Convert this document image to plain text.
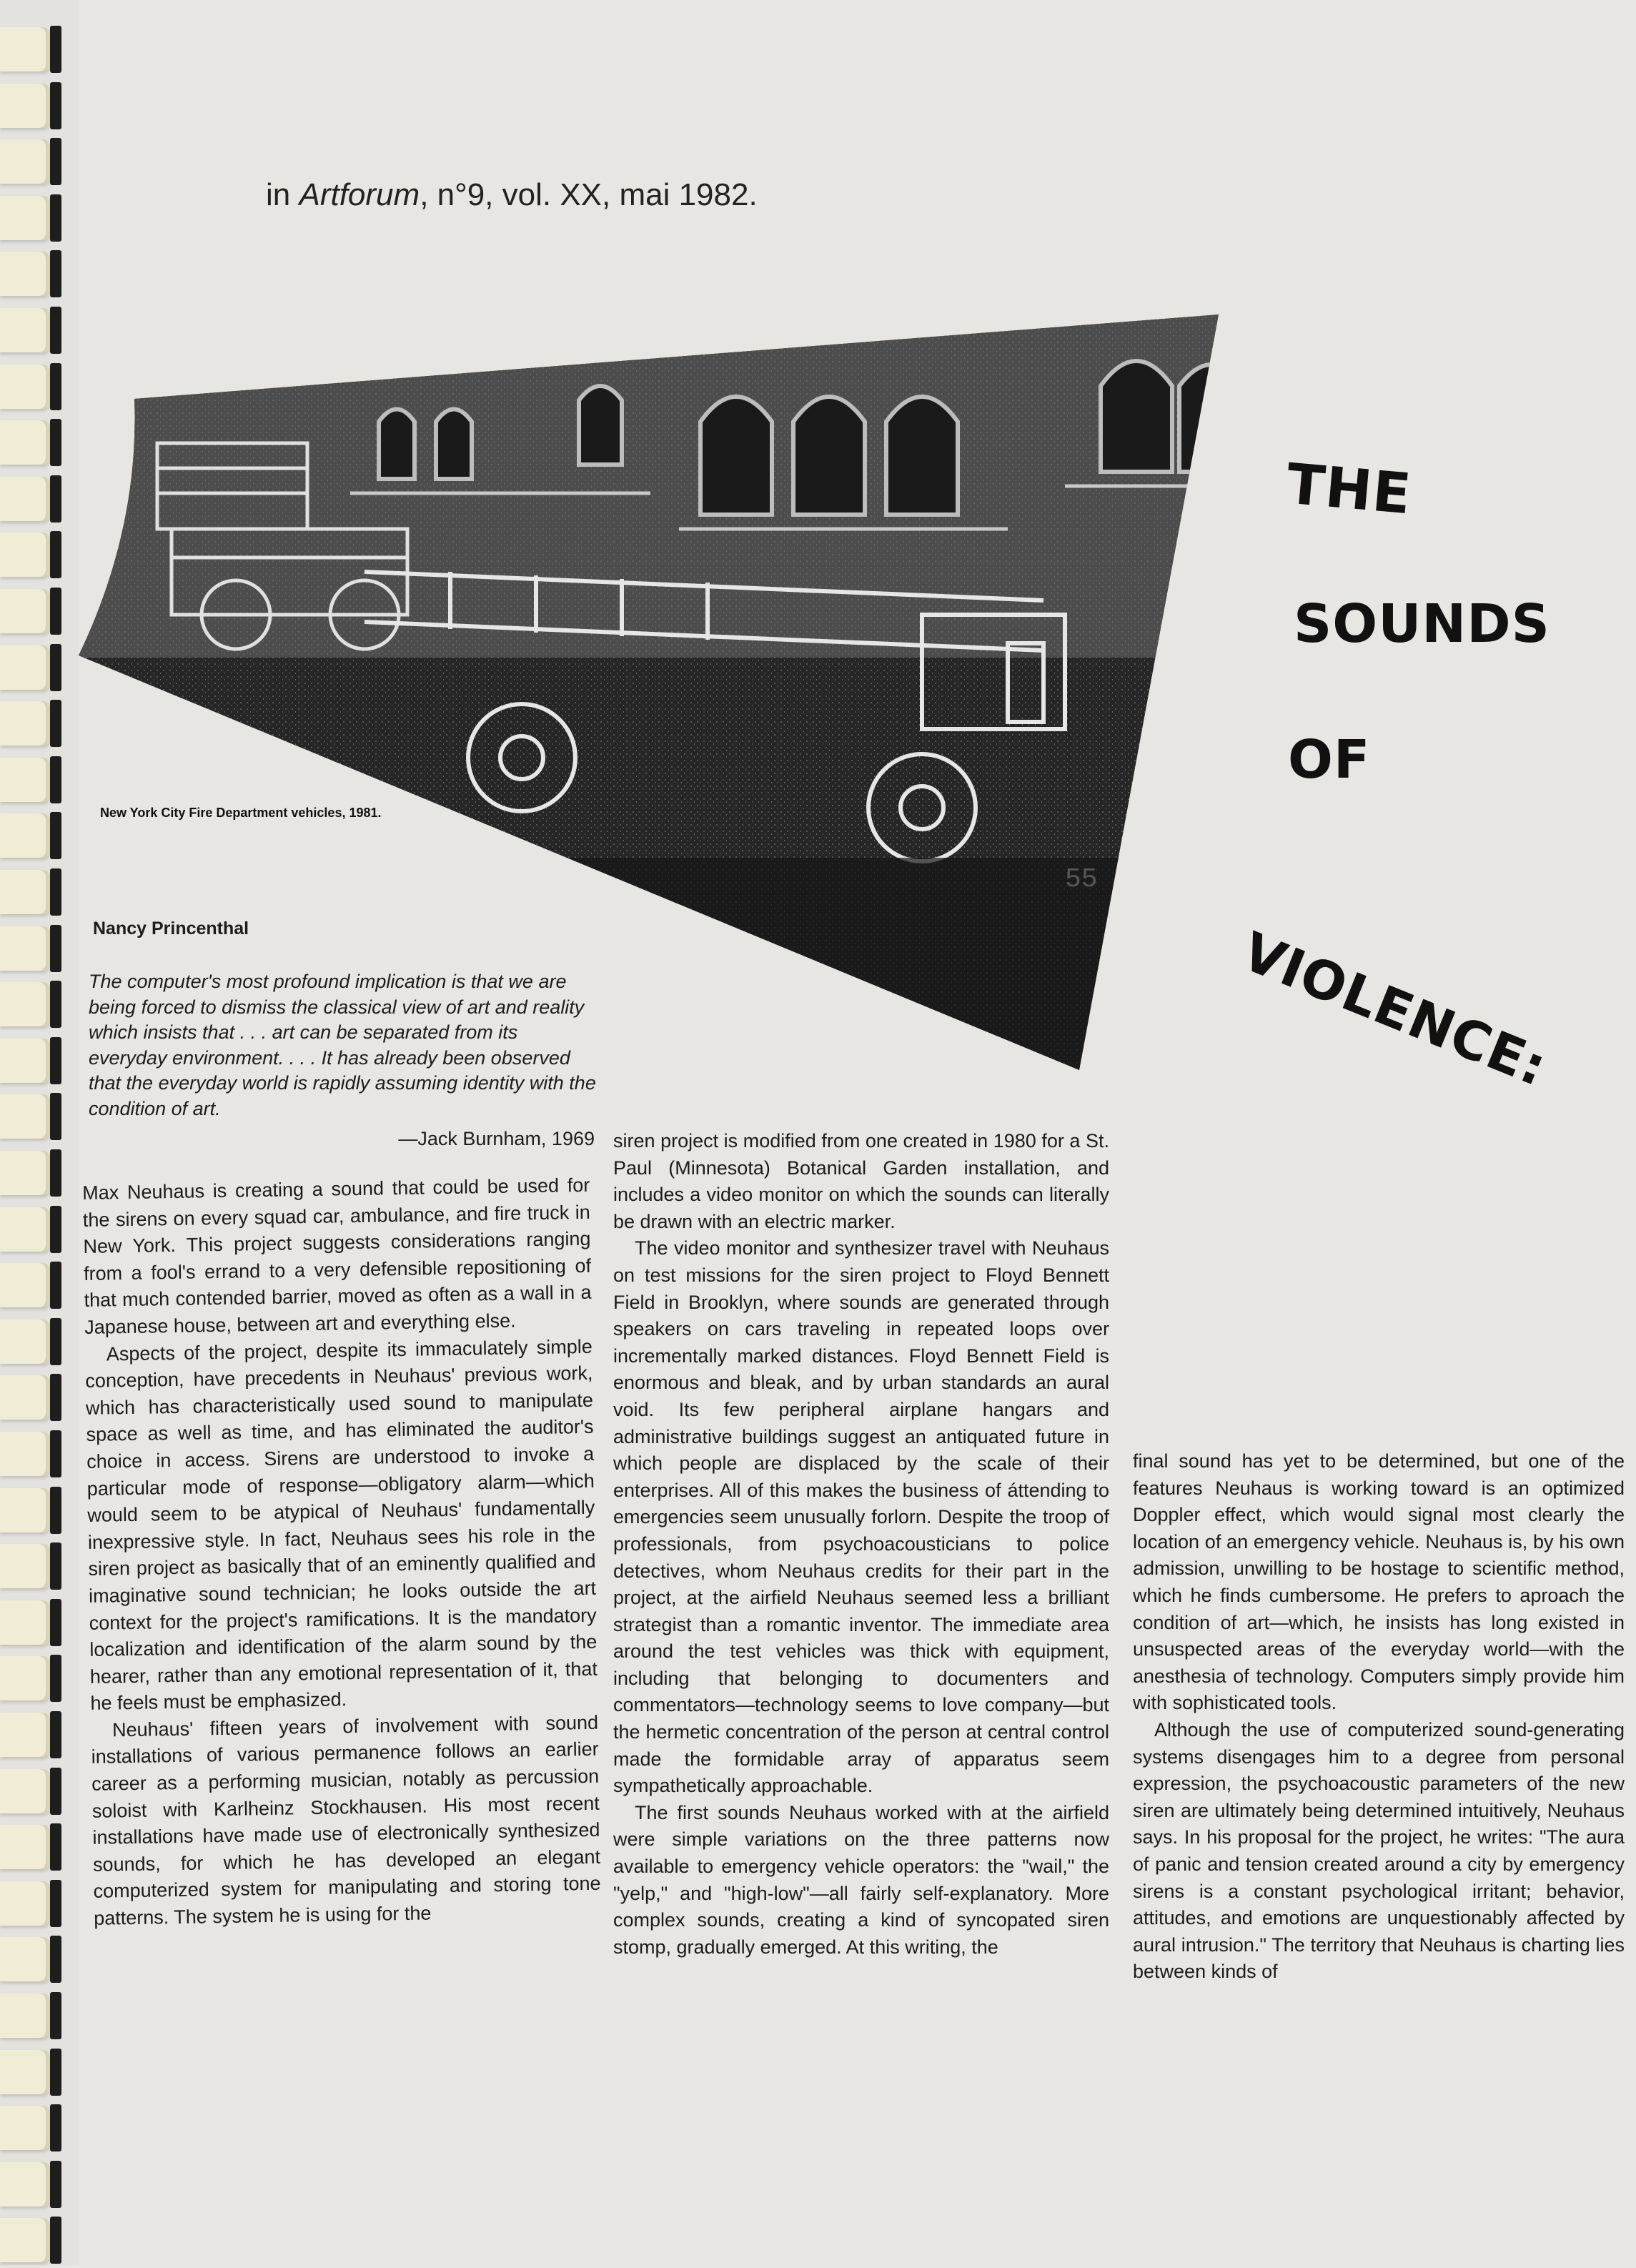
in Artforum, n°9, vol. XX, mai 1982.
New York City Fire Department vehicles, 1981.
THE
SOUNDS
OF
VIOLENCE:
Nancy Princenthal

The computer's most profound implication is that we are being forced to dismiss the classical view of art and reality which insists that . . . art can be separated from its everyday environment. . . . It has already been observed that the everyday world is rapidly assuming identity with the condition of art.

—Jack Burnham, 1969

Max Neuhaus is creating a sound that could be used for the sirens on every squad car, ambulance, and fire truck in New York. This project suggests considerations ranging from a fool's errand to a very defensible repositioning of that much contended barrier, moved as often as a wall in a Japanese house, between art and everything else.

Aspects of the project, despite its immaculately simple conception, have precedents in Neuhaus' previous work, which has characteristically used sound to manipulate space as well as time, and has eliminated the auditor's choice in access. Sirens are understood to invoke a particular mode of response—obligatory alarm—which would seem to be atypical of Neuhaus' fundamentally inexpressive style. In fact, Neuhaus sees his role in the siren project as basically that of an eminently qualified and imaginative sound technician; he looks outside the art context for the project's ramifications. It is the mandatory localization and identification of the alarm sound by the hearer, rather than any emotional representation of it, that he feels must be emphasized.

Neuhaus' fifteen years of involvement with sound installations of various permanence follows an earlier career as a performing musician, notably as percussion soloist with Karlheinz Stockhausen. His most recent installations have made use of electronically synthesized sounds, for which he has developed an elegant computerized system for manipulating and storing tone patterns. The system he is using for the

siren project is modified from one created in 1980 for a St. Paul (Minnesota) Botanical Garden installation, and includes a video monitor on which the sounds can literally be drawn with an electric marker.

The video monitor and synthesizer travel with Neuhaus on test missions for the siren project to Floyd Bennett Field in Brooklyn, where sounds are generated through speakers on cars traveling in repeated loops over incrementally marked distances. Floyd Bennett Field is enormous and bleak, and by urban standards an aural void. Its few peripheral airplane hangars and administrative buildings suggest an antiquated future in which people are displaced by the scale of their enterprises. All of this makes the business of áttending to emergencies seem unusually forlorn. Despite the troop of professionals, from psychoacousticians to police detectives, whom Neuhaus credits for their part in the project, at the airfield Neuhaus seemed less a brilliant strategist than a romantic inventor. The immediate area around the test vehicles was thick with equipment, including that belonging to documenters and commentators—technology seems to love company—but the hermetic concentration of the person at central control made the formidable array of apparatus seem sympathetically approachable.

The first sounds Neuhaus worked with at the airfield were simple variations on the three patterns now available to emergency vehicle operators: the "wail," the "yelp," and "high-low"—all fairly self-explanatory. More complex sounds, creating a kind of syncopated siren stomp, gradually emerged. At this writing, the

final sound has yet to be determined, but one of the features Neuhaus is working toward is an optimized Doppler effect, which would signal most clearly the location of an emergency vehicle. Neuhaus is, by his own admission, unwilling to be hostage to scientific method, which he finds cumbersome. He prefers to aproach the condition of art—which, he insists has long existed in unsuspected areas of the everyday world—with the anesthesia of technology. Computers simply provide him with sophisticated tools.

Although the use of computerized sound-generating systems disengages him to a degree from personal expression, the psychoacoustic parameters of the new siren are ultimately being determined intuitively, Neuhaus says. In his proposal for the project, he writes: "The aura of panic and tension created around a city by emergency sirens is a constant psychological irritant; behavior, attitudes, and emotions are unquestionably affected by aural intrusion." The territory that Neuhaus is charting lies between kinds of
